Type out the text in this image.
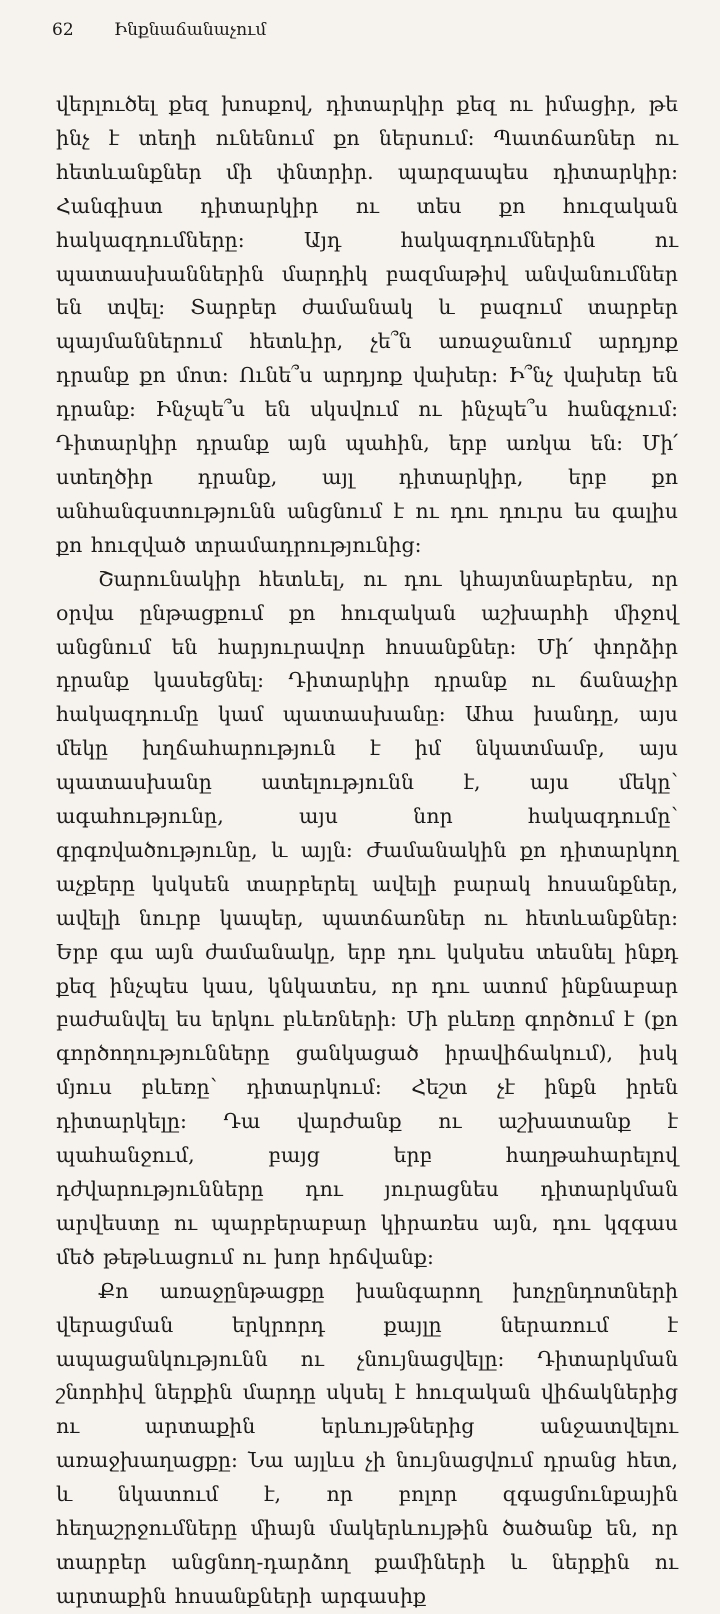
62 Ինքնաճանաչում

վերլուծել քեզ խոսքով, դիտարկիր քեզ ու իմացիր, թե ինչ է տեղի ունենում քո ներսում: Պատճառներ ու հետևանքներ մի փնտրիր. պարզապես դիտարկիր: Հանգիստ դիտարկիր ու տես քո հուզական հակազդումները: Այդ հակազդումներին ու պատասխաններին մարդիկ բազմաթիվ անվանումներ են տվել: Տարբեր ժամանակ և բազում տարբեր պայմաններում հետևիր, չե՞ն առաջանում արդյոք դրանք քո մոտ: Ունե՞ս արդյոք վախեր: Ի՞նչ վախեր են դրանք: Ինչպե՞ս են սկսվում ու ինչպե՞ս հանգչում: Դիտարկիր դրանք այն պահին, երբ առկա են: Մի՛ ստեղծիր դրանք, այլ դիտարկիր, երբ քո անհանգստությունն անցնում է ու դու դուրս ես գալիս քո հուզված տրամադրությունից:

Շարունակիր հետևել, ու դու կհայտնաբերես, որ օրվա ընթացքում քո հուզական աշխարհի միջով անցնում են հարյուրավոր հոսանքներ: Մի՛ փորձիր դրանք կասեցնել: Դիտարկիր դրանք ու ճանաչիր հակազդումը կամ պատասխանը: Ահա խանդը, այս մեկը խղճահարություն է իմ նկատմամբ, այս պատասխանը ատելությունն է, այս մեկը՝ ագահությունը, այս նոր հակազդումը՝ գրգռվածությունը, և այլն: Ժամանակին քո դիտարկող աչքերը կսկսեն տարբերել ավելի բարակ հոսանքներ, ավելի նուրբ կապեր, պատճառներ ու հետևանքներ: Երբ գա այն ժամանակը, երբ դու կսկսես տեսնել ինքդ քեզ ինչպես կաս, կնկատես, որ դու ատոմ ինքնաբար բաժանվել ես երկու բևեռների: Մի բևեռը գործում է (քո գործողությունները ցանկացած իրավիճակում), իսկ մյուս բևեռը՝ դիտարկում: Հեշտ չէ ինքն իրեն դիտարկելը: Դա վարժանք ու աշխատանք է պահանջում, բայց երբ հաղթահարելով դժվարությունները դու յուրացնես դիտարկման արվեստը ու պարբերաբար կիրառես այն, դու կզգաս մեծ թեթևացում ու խոր հրճվանք:

Քո առաջընթացքը խանգարող խոչընդոտների վերացման երկրորդ քայլը ներառում է ապացանկությունն ու չնույնացվելը: Դիտարկման շնորհիվ ներքին մարդը սկսել է հուզական վիճակներից ու արտաքին երևույթներից անջատվելու առաջխաղացքը: Նա այլևս չի նույնացվում դրանց հետ, և նկատում է, որ բոլոր զգացմունքային հեղաշրջումները միայն մակերևույթին ծածանք են, որ տարբեր անցնող-դարձող քամիների և ներքին ու արտաքին հոսանքների արգասիք
